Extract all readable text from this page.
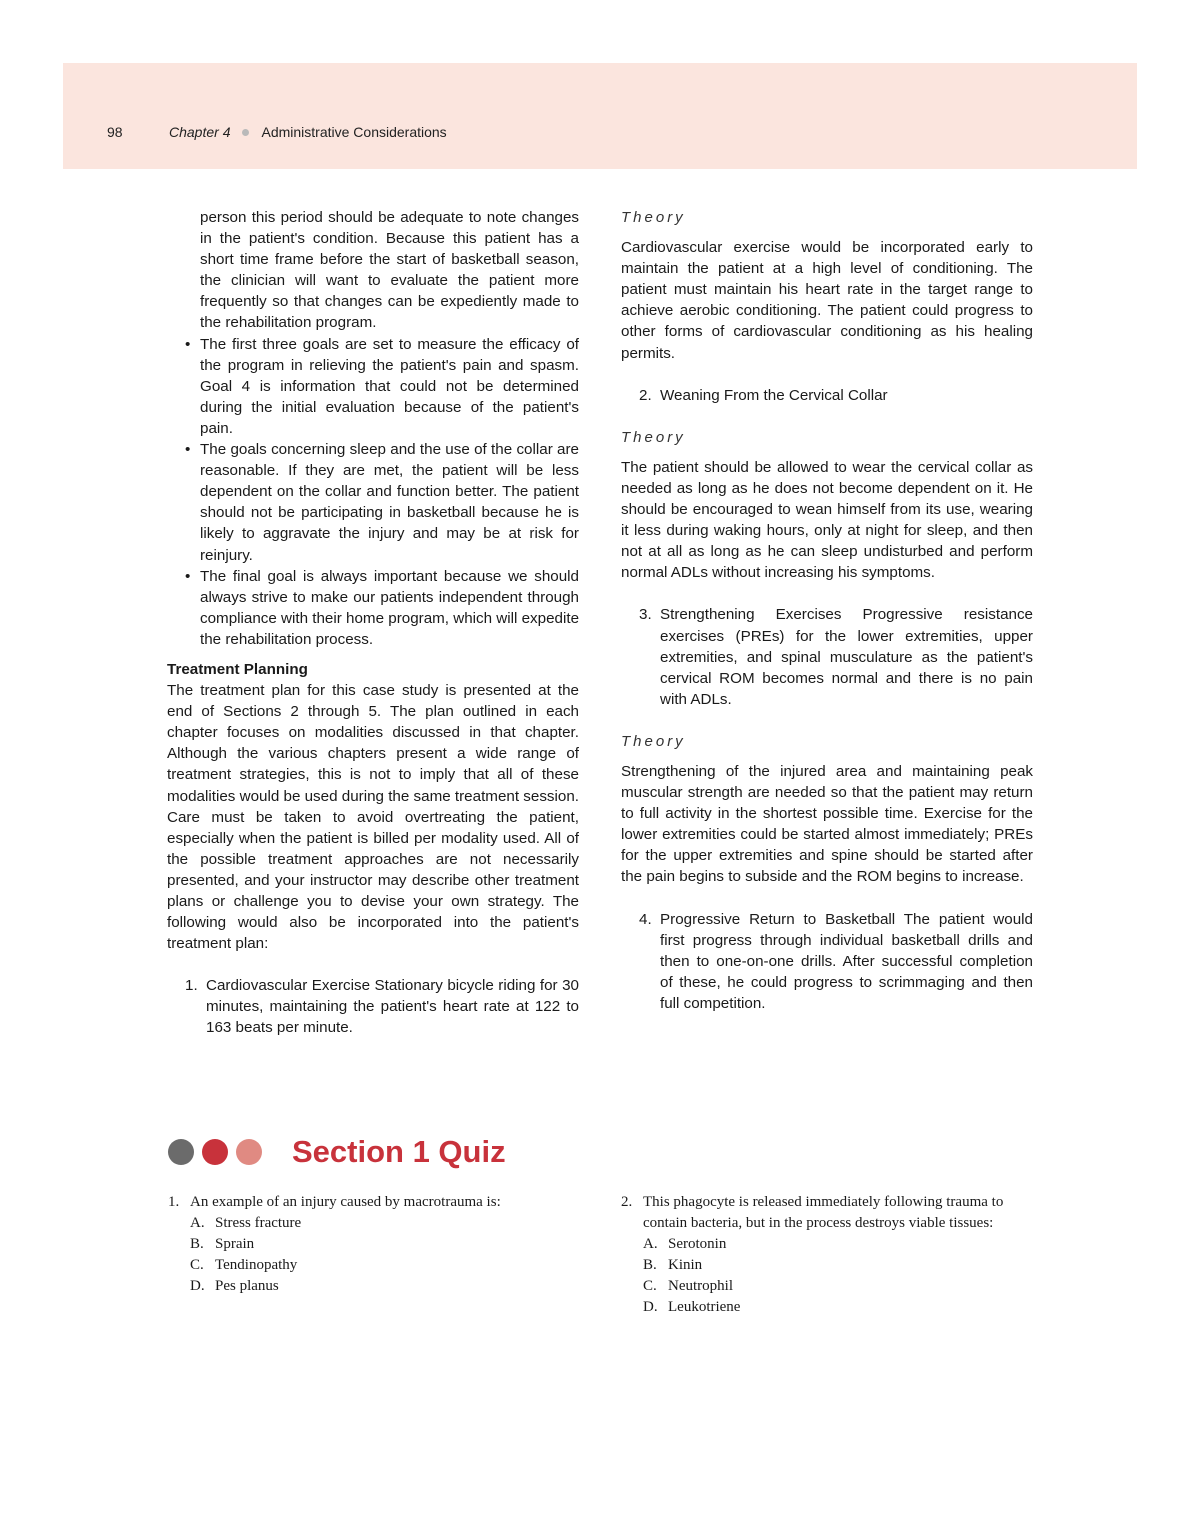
98	Chapter 4 Administrative Considerations

person this period should be adequate to note changes in the patient's condition. Because this patient has a short time frame before the start of basketball season, the clinician will want to evaluate the patient more frequently so that changes can be expediently made to the rehabilitation program.

• The first three goals are set to measure the efficacy of the program in relieving the patient's pain and spasm. Goal 4 is information that could not be determined during the initial evaluation because of the patient's pain.
• The goals concerning sleep and the use of the collar are reasonable. If they are met, the patient will be less dependent on the collar and function better. The patient should not be participating in basketball because he is likely to aggravate the injury and may be at risk for reinjury.
• The final goal is always important because we should always strive to make our patients independent through compliance with their home program, which will expedite the rehabilitation process.
Treatment Planning

The treatment plan for this case study is presented at the end of Sections 2 through 5. The plan outlined in each chapter focuses on modalities discussed in that chapter. Although the various chapters present a wide range of treatment strategies, this is not to imply that all of these modalities would be used during the same treatment session. Care must be taken to avoid overtreating the patient, especially when the patient is billed per modality used. All of the possible treatment approaches are not necessarily presented, and your instructor may describe other treatment plans or challenge you to devise your own strategy. The following would also be incorporated into the patient's treatment plan:

1. Cardiovascular Exercise Stationary bicycle riding for 30 minutes, maintaining the patient's heart rate at 122 to 163 beats per minute.
Theory

Cardiovascular exercise would be incorporated early to maintain the patient at a high level of conditioning. The patient must maintain his heart rate in the target range to achieve aerobic conditioning. The patient could progress to other forms of cardiovascular conditioning as his healing permits.

2. Weaning From the Cervical Collar
Theory

The patient should be allowed to wear the cervical collar as needed as long as he does not become dependent on it. He should be encouraged to wean himself from its use, wearing it less during waking hours, only at night for sleep, and then not at all as long as he can sleep undisturbed and perform normal ADLs without increasing his symptoms.

3. Strengthening Exercises Progressive resistance exercises (PREs) for the lower extremities, upper extremities, and spinal musculature as the patient's cervical ROM becomes normal and there is no pain with ADLs.
Theory

Strengthening of the injured area and maintaining peak muscular strength are needed so that the patient may return to full activity in the shortest possible time. Exercise for the lower extremities could be started almost immediately; PREs for the upper extremities and spine should be started after the pain begins to subside and the ROM begins to increase.

4. Progressive Return to Basketball The patient would first progress through individual basketball drills and then to one-on-one drills. After successful completion of these, he could progress to scrimmaging and then full competition.
Section 1 Quiz
1. An example of an injury caused by macrotrauma is:
A. Stress fracture
B. Sprain
C. Tendinopathy
D. Pes planus
2. This phagocyte is released immediately following trauma to contain bacteria, but in the process destroys viable tissues:
A. Serotonin
B. Kinin
C. Neutrophil
D. Leukotriene
